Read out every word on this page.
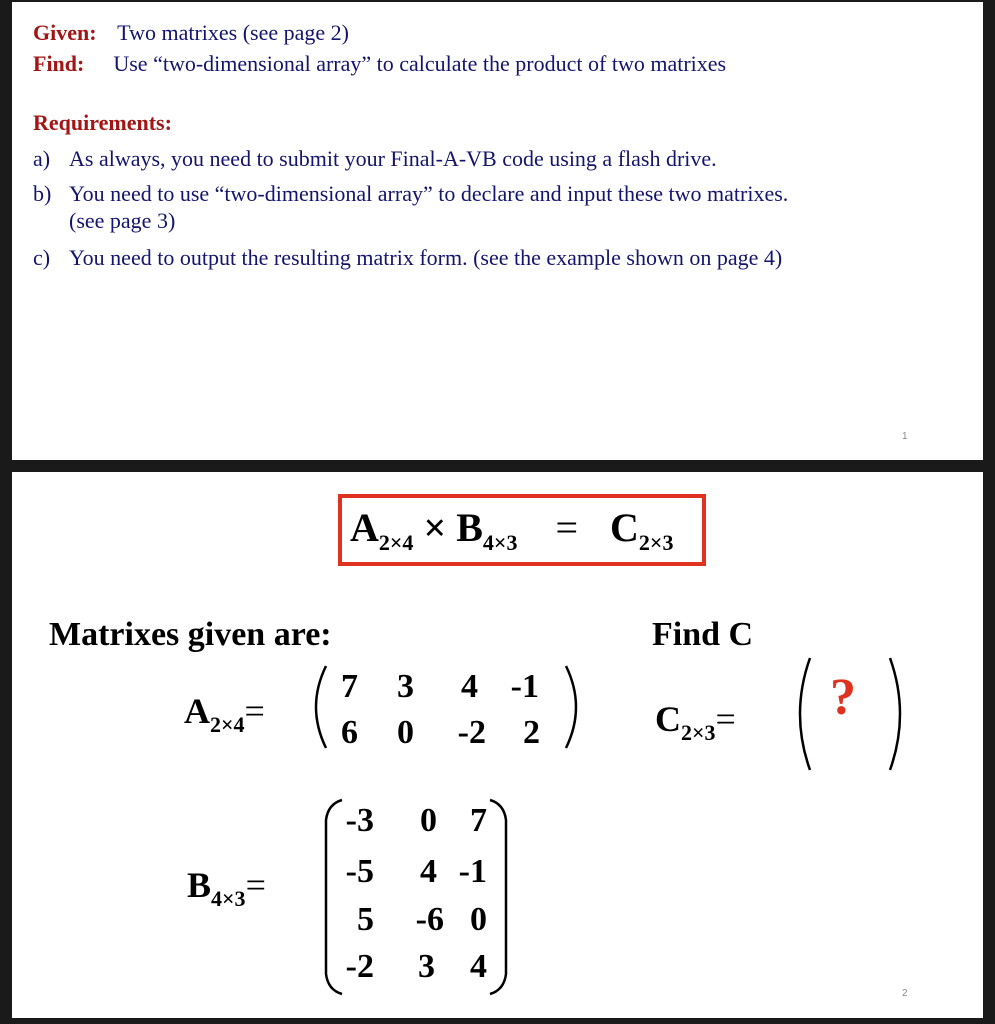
Given: Two matrixes (see page 2)
Find: Use “two-dimensional array” to calculate the product of two matrixes
Requirements:
a) As always, you need to submit your Final-A-VB code using a flash drive.
b) You need to use “two-dimensional array” to declare and input these two matrixes.
(see page 3)
c) You need to output the resulting matrix form. (see the example shown on page 4)
1
$A_{2\times 4} \times B_{4\times 3} = C_{2\times 3}$
Matrixes given are:	Find C
$A_{2\times 4}=$
7	3	4 -1
6	0	-2	2	$C_{2\times 3}=$ ?
$B_{4\times 3}=$
-3	0 7
-5	4 -1
5	-6 0
-2	3	4
2
